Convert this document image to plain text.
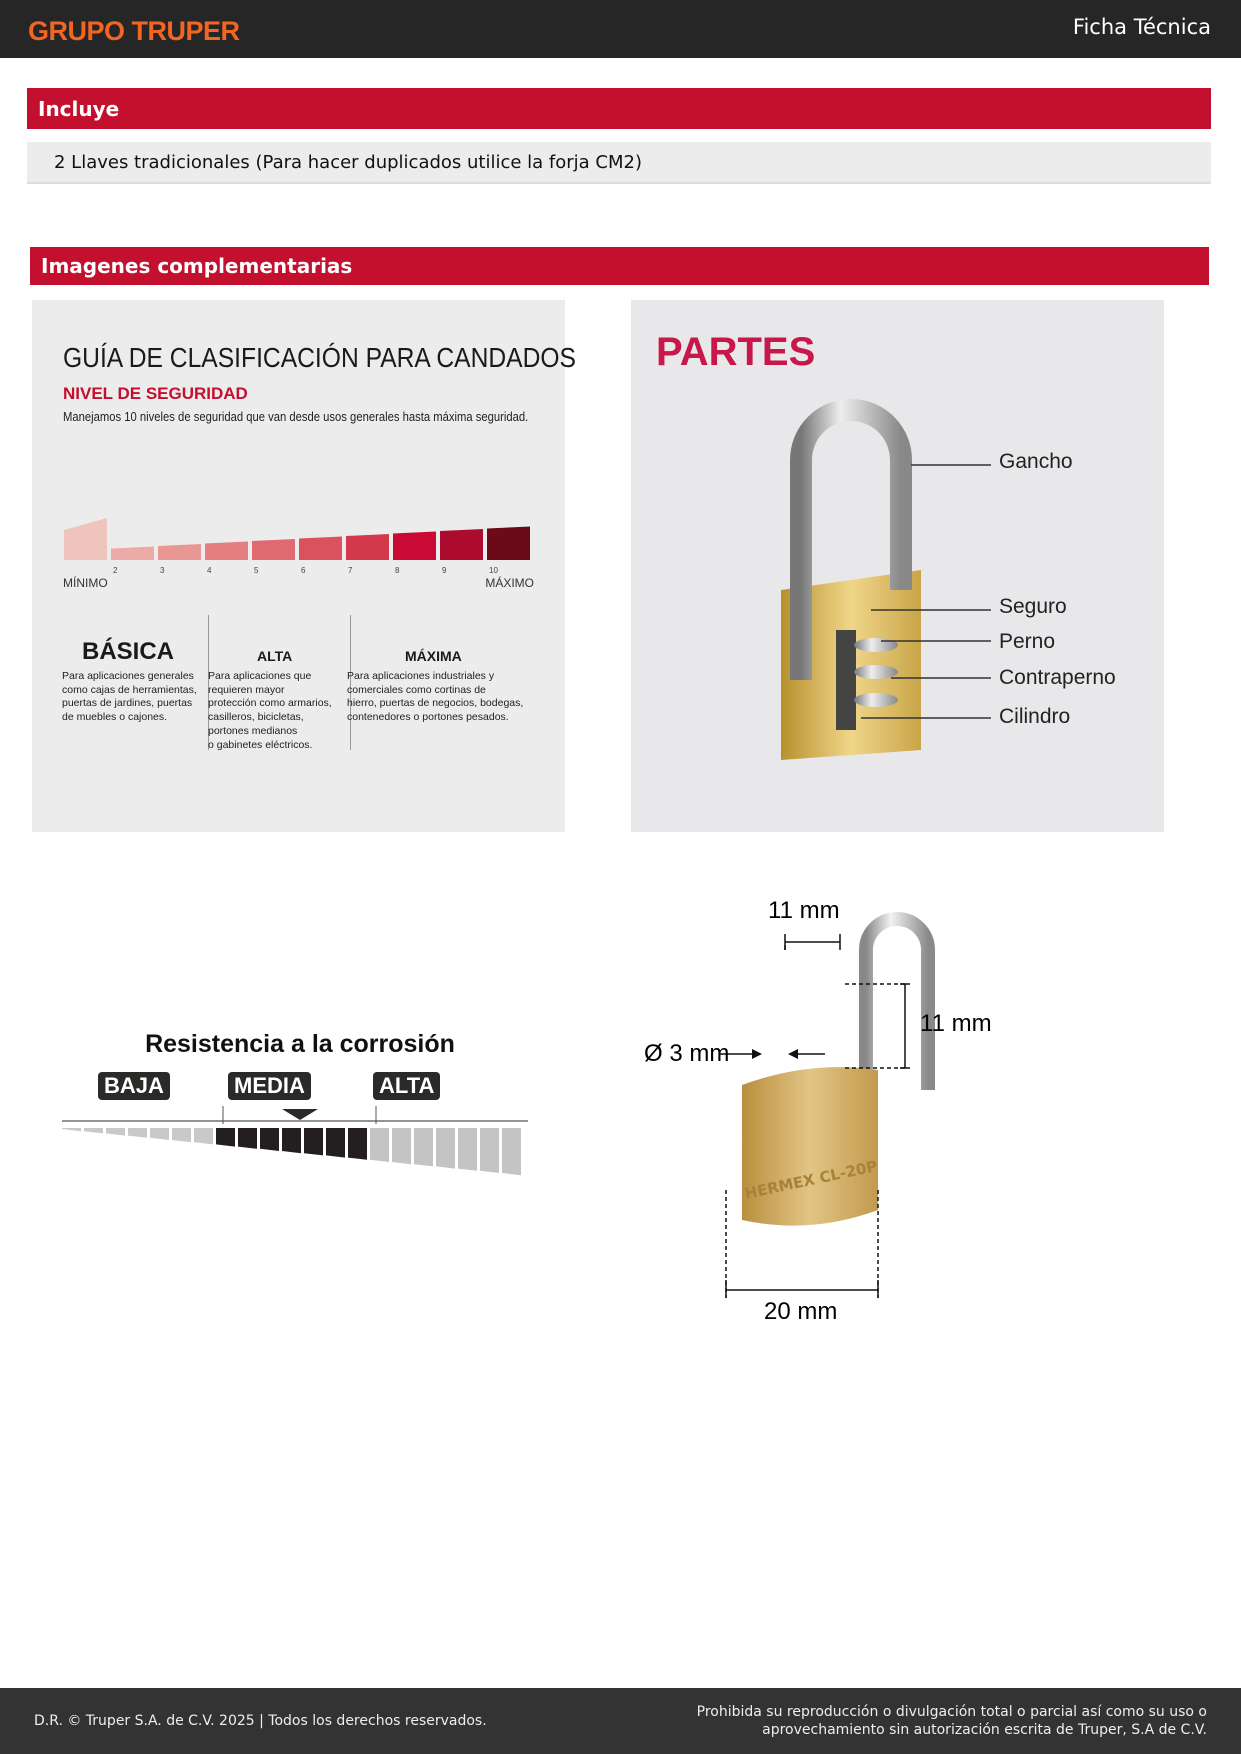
GRUPO TRUPER	Ficha Técnica
Incluye
2 Llaves tradicionales (Para hacer duplicados utilice la forja CM2)
Imagenes complementarias
GUÍA DE CLASIFICACIÓN PARA CANDADOS
NIVEL DE SEGURIDAD
Manejamos 10 niveles de seguridad que van desde usos generales hasta máxima seguridad.
2	3	4	5	6	7	8	9	10
MÍNIMO	MÁXIMO
BÁSICA
Para aplicaciones generales
como cajas de herramientas,
puertas de jardines, puertas
de muebles o cajones.
ALTA
Para aplicaciones que
requieren mayor
protección como armarios,
casilleros, bicicletas,
portones medianos
o gabinetes eléctricos.
MÁXIMA
Para aplicaciones industriales y
comerciales como cortinas de
hierro, puertas de negocios, bodegas,
contenedores o portones pesados.
PARTES
Gancho
Seguro
Perno
Contraperno
Cilindro
Resistencia a la corrosión
BAJA	MEDIA	ALTA
HERMEX CL-20P
11 mm
11 mm
Ø 3 mm
20 mm
D.R. © Truper S.A. de C.V. 2025 | Todos los derechos reservados.
Prohibida su reproducción o divulgación total o parcial así como su uso o
aprovechamiento sin autorización escrita de Truper, S.A de C.V.
